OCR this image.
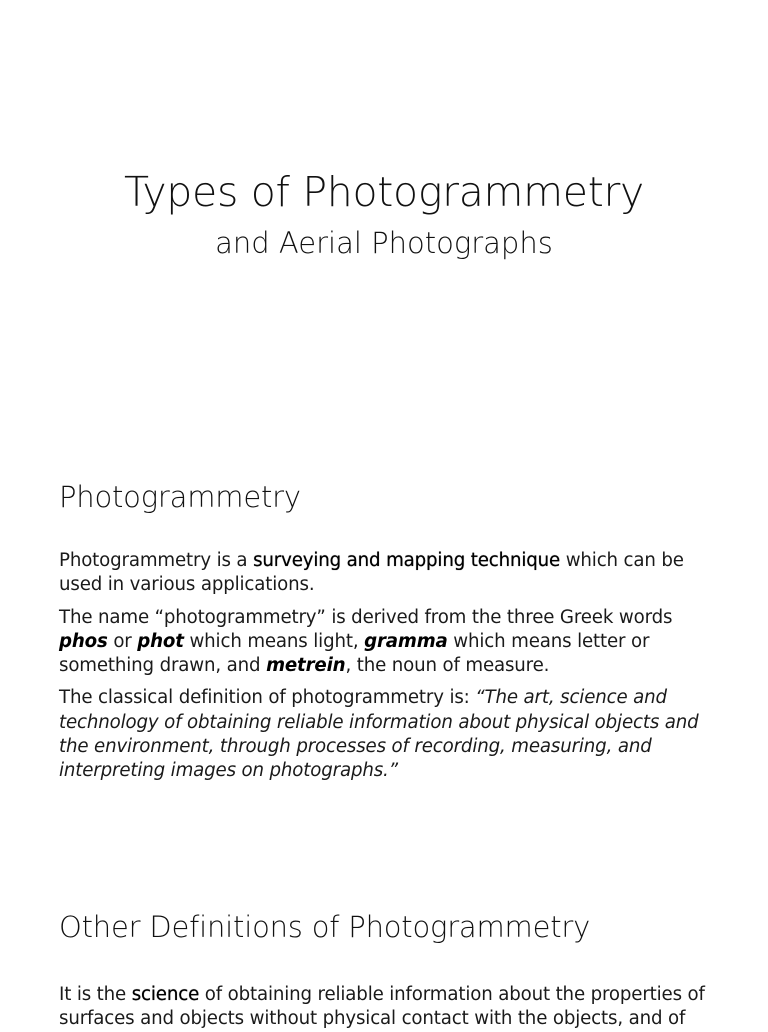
Types of Photogrammetry
and Aerial Photographs
Photogrammetry

Photogrammetry is a surveying and mapping technique which can be used in various applications.

The name “photogrammetry” is derived from the three Greek words phos or phot which means light, gramma which means letter or something drawn, and metrein, the noun of measure.

The classical definition of photogrammetry is: “The art, science and technology of obtaining reliable information about physical objects and the environment, through processes of recording, measuring, and interpreting images on photographs.”

Other Definitions of Photogrammetry

It is the science of obtaining reliable information about the properties of surfaces and objects without physical contact with the objects, and of
